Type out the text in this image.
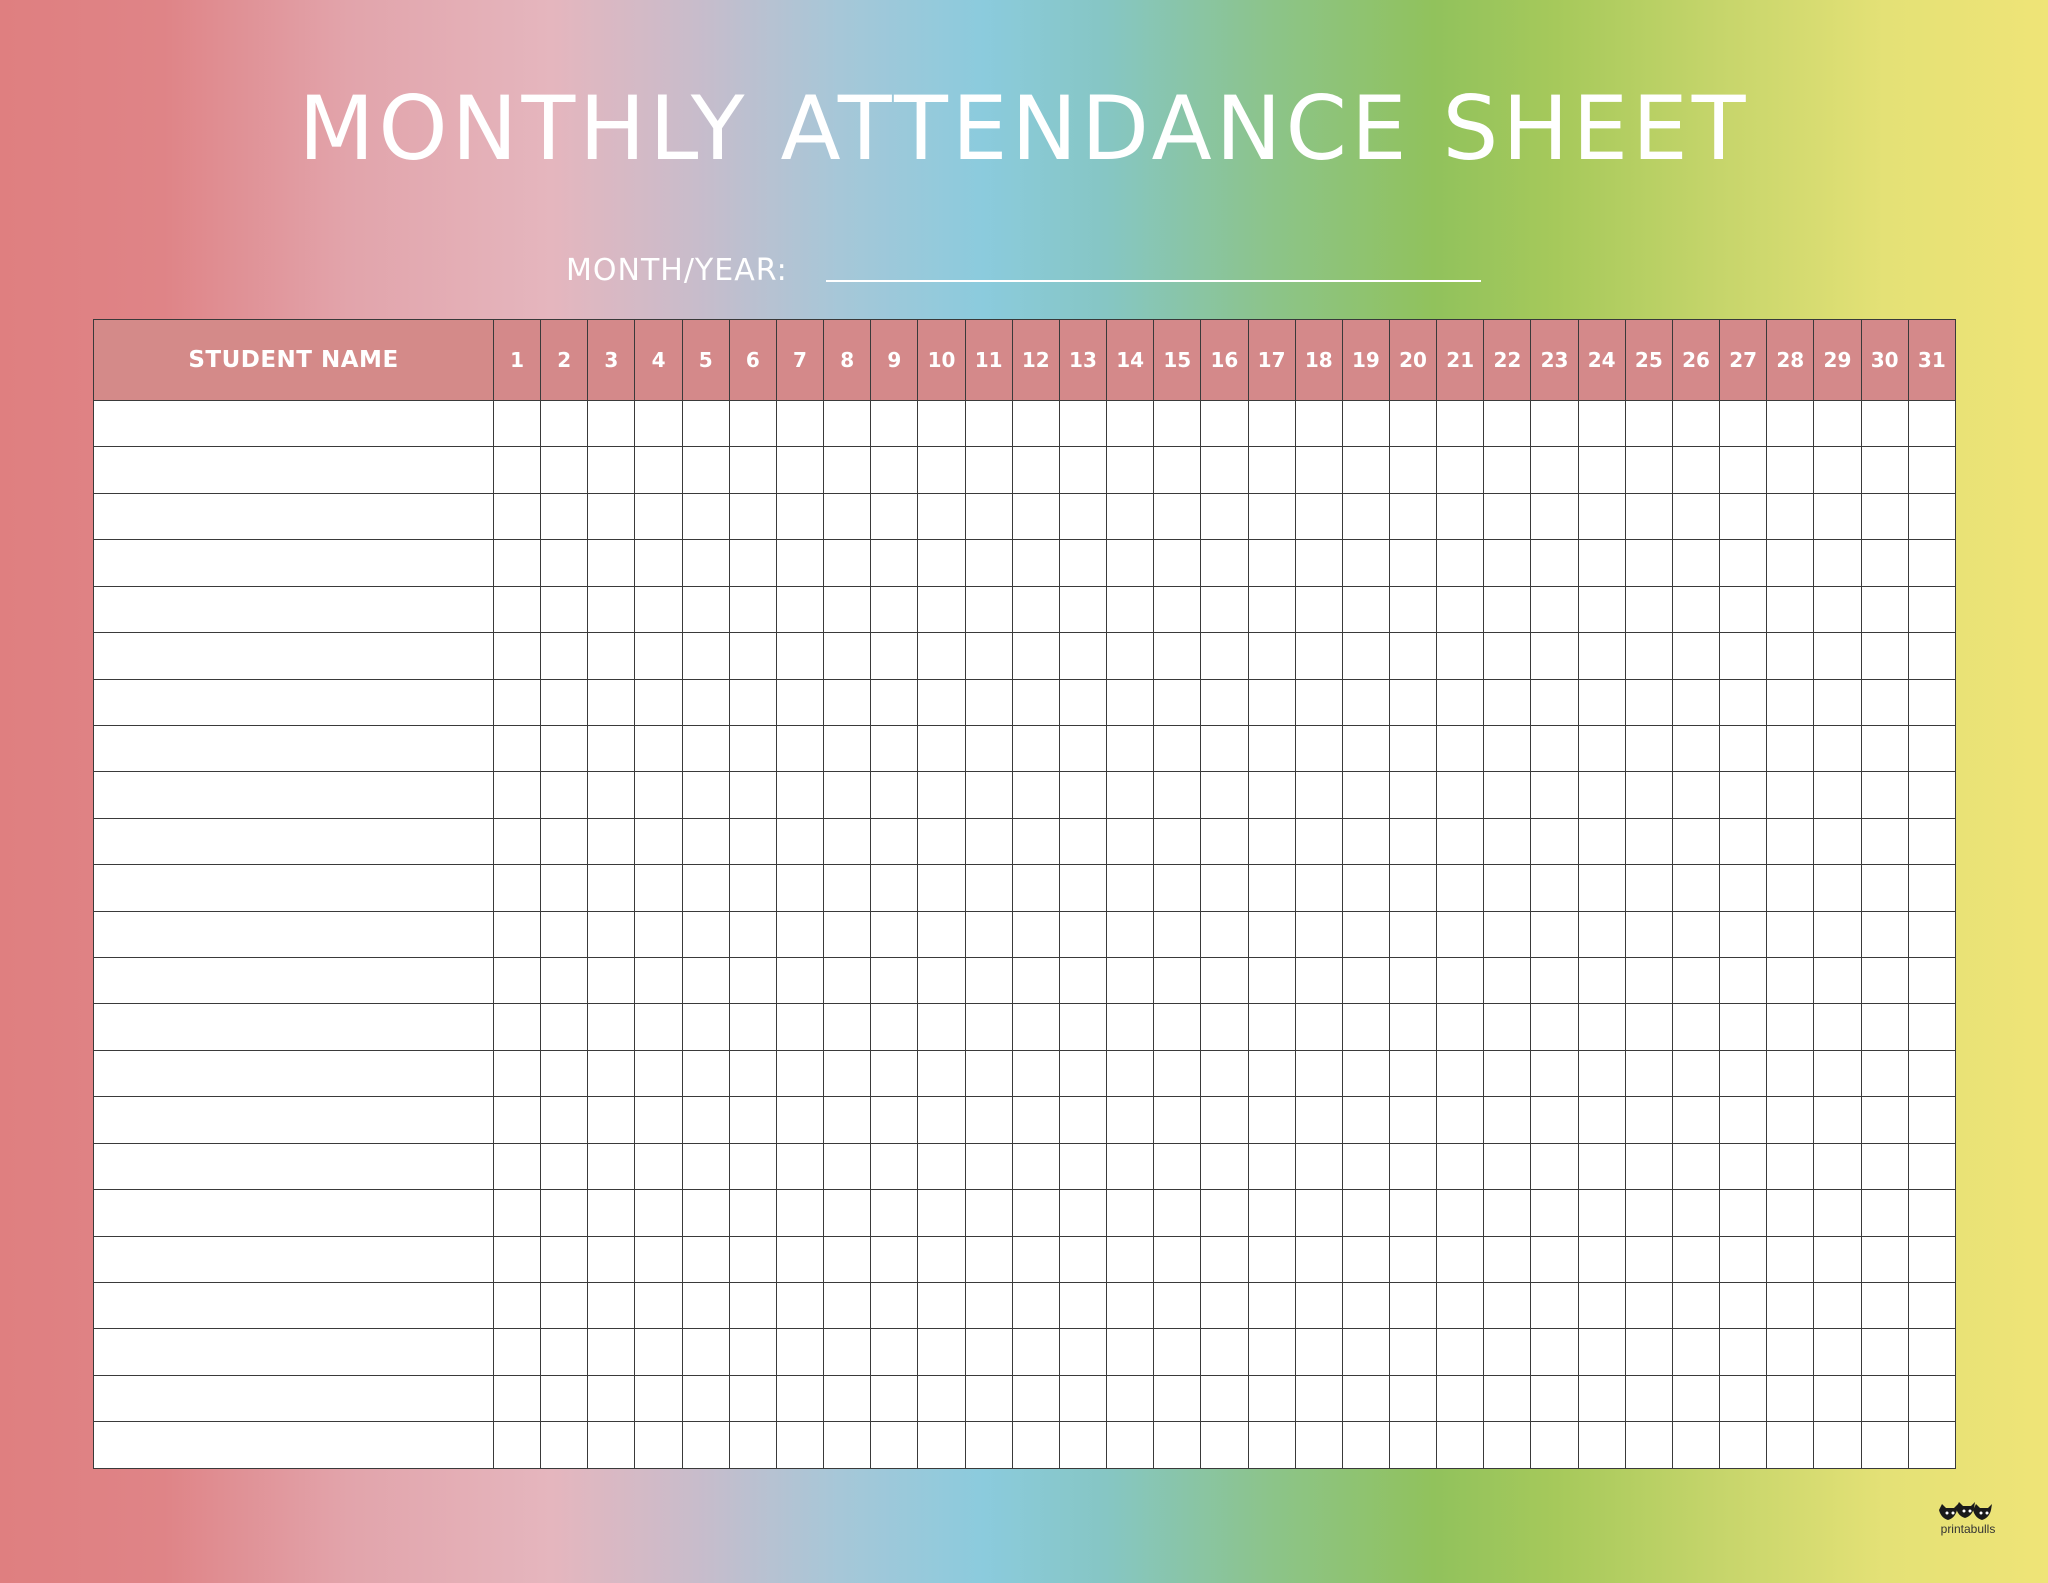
MONTHLY ATTENDANCE SHEET
MONTH/YEAR:
STUDENT NAME	1	2	3	4	5	6	7	8	9	10	11	12	13	14	15	16	17	18	19	20	21	22	23	24	25	26	27	28	29	30	31

printabulls
